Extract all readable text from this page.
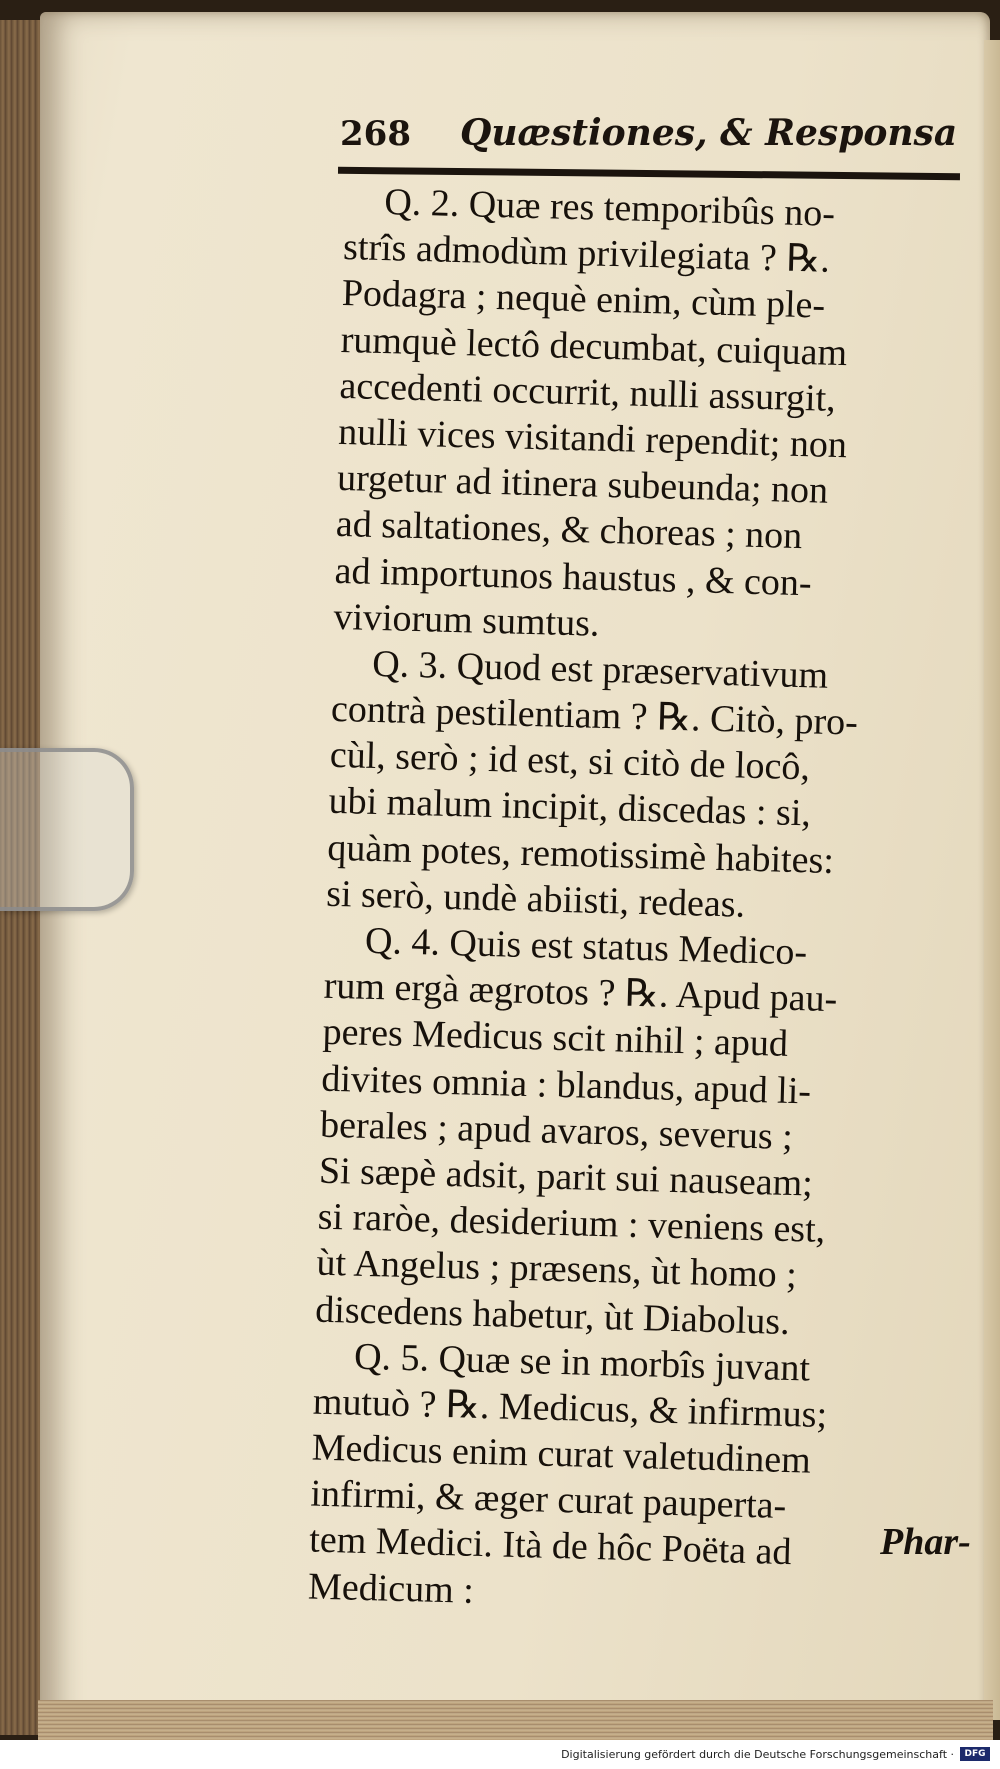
268 Quæstiones, & Responsa
Q. 2. Quæ res temporibûs no-
strîs admodùm privilegiata ? ℞.
Podagra ; nequè enim, cùm ple-
rumquè lectô decumbat, cuiquam
accedenti occurrit, nulli assurgit,
nulli vices visitandi rependit; non
urgetur ad itinera subeunda; non
ad saltationes, & choreas ; non
ad importunos haustus , & con-
viviorum sumtus.
Q. 3. Quod est præservativum
contrà pestilentiam ? ℞. Citò, pro-
cùl, serò ; id est, si citò de locô,
ubi malum incipit, discedas : si,
quàm potes, remotissimè habites:
si serò, undè abiisti, redeas.
Q. 4. Quis est status Medico-
rum ergà ægrotos ? ℞. Apud pau-
peres Medicus scit nihil ; apud
divites omnia : blandus, apud li-
berales ; apud avaros, severus ;
Si sæpè adsit, parit sui nauseam;
si raròe, desiderium : veniens est,
ùt Angelus ; præsens, ùt homo ;
discedens habetur, ùt Diabolus.
Q. 5. Quæ se in morbîs juvant
mutuò ? ℞. Medicus, & infirmus;
Medicus enim curat valetudinem
infirmi, & æger curat pauperta-
tem Medici. Ità de hôc Poëta ad
Medicum :
Phar-
Digitalisierung gefördert durch die Deutsche Forschungsgemeinschaft ·	DFG
